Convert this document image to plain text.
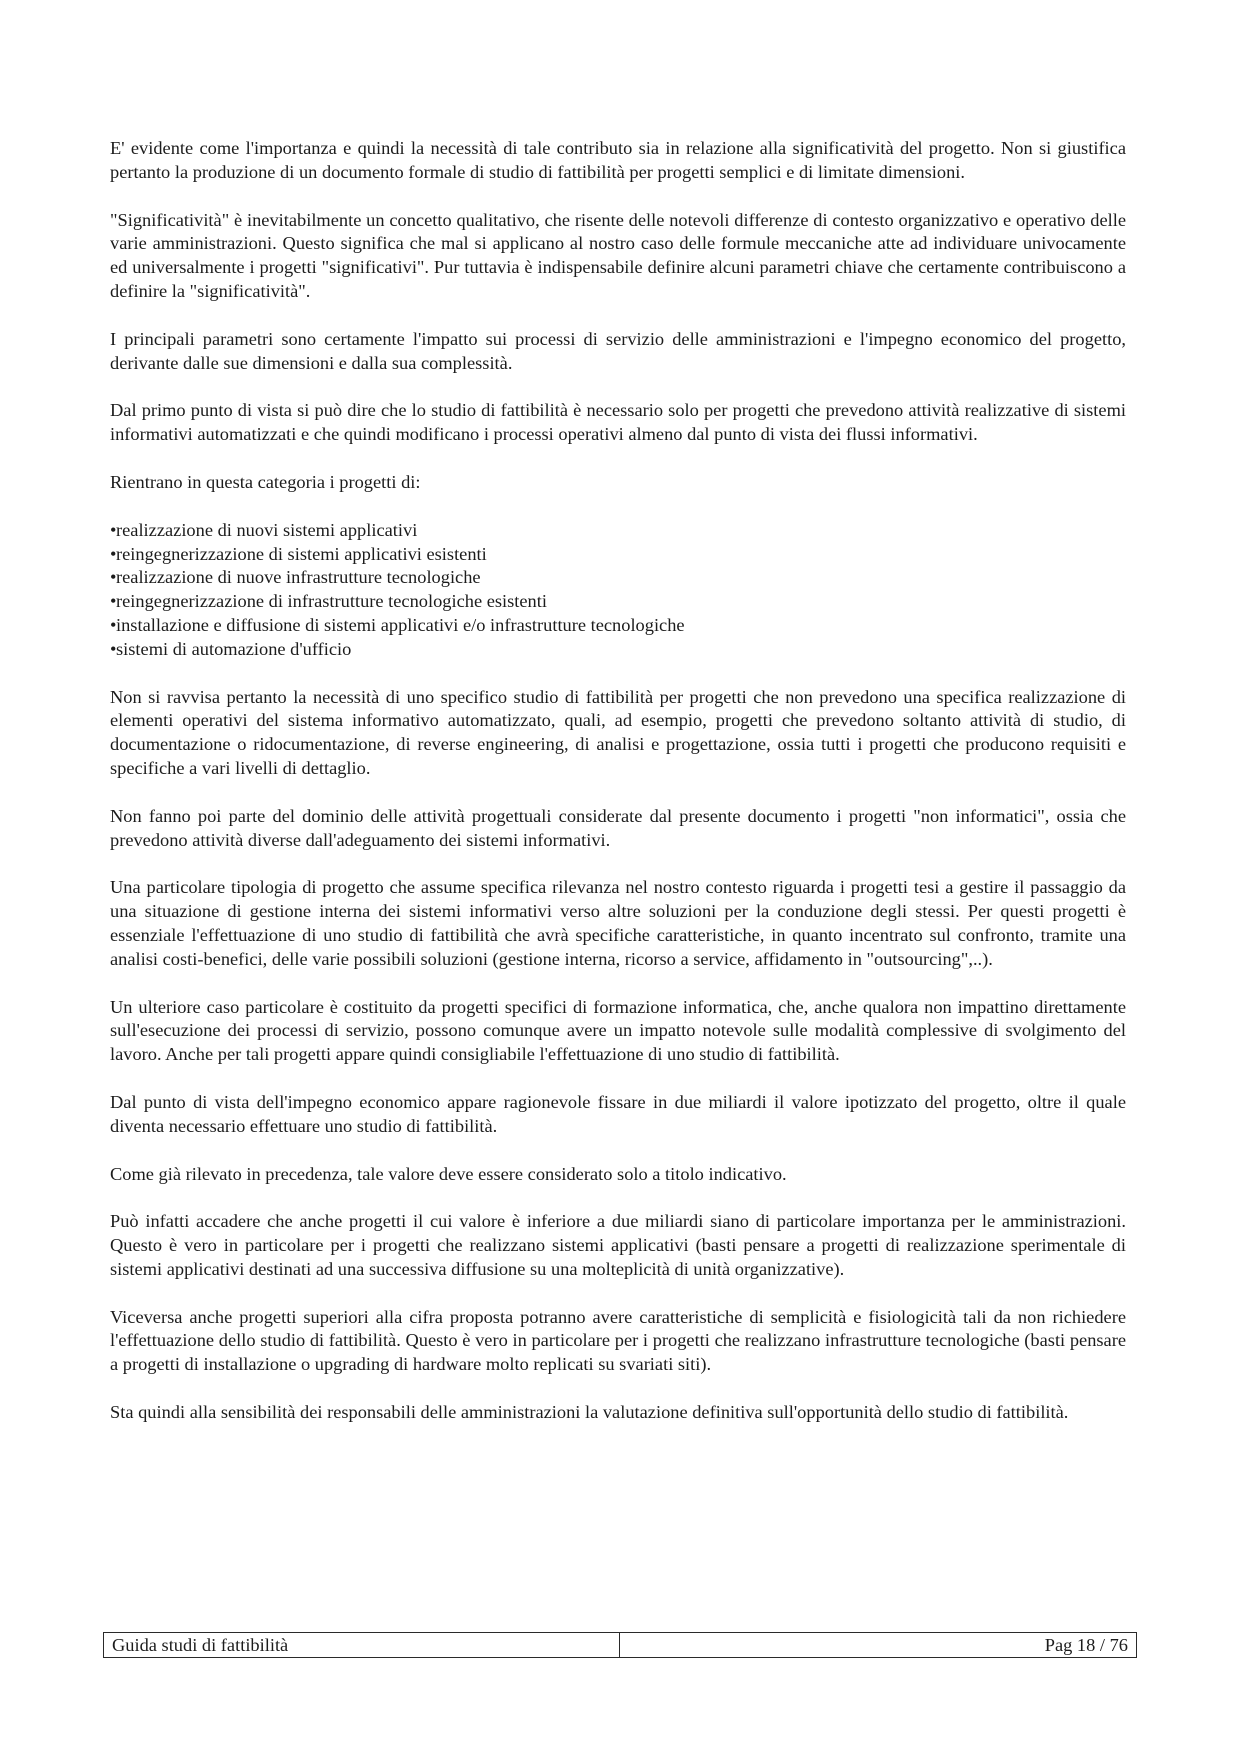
E' evidente come l'importanza e quindi la necessità di tale contributo sia in relazione alla significatività del progetto. Non si giustifica pertanto la produzione di un documento formale di studio di fattibilità per progetti semplici e di limitate dimensioni.

"Significatività" è inevitabilmente un concetto qualitativo, che risente delle notevoli differenze di contesto organizzativo e operativo delle varie amministrazioni. Questo significa che mal si applicano al nostro caso delle formule meccaniche atte ad individuare univocamente ed universalmente i progetti "significativi". Pur tuttavia è indispensabile definire alcuni parametri chiave che certamente contribuiscono a definire la "significatività".

I principali parametri sono certamente l'impatto sui processi di servizio delle amministrazioni e l'impegno economico del progetto, derivante dalle sue dimensioni e dalla sua complessità.

Dal primo punto di vista si può dire che lo studio di fattibilità è necessario solo per progetti che prevedono attività realizzative di sistemi informativi automatizzati e che quindi modificano i processi operativi almeno dal punto di vista dei flussi informativi.

Rientrano in questa categoria i progetti di:

•realizzazione di nuovi sistemi applicativi
•reingegnerizzazione di sistemi applicativi esistenti
•realizzazione di nuove infrastrutture tecnologiche
•reingegnerizzazione di infrastrutture tecnologiche esistenti
•installazione e diffusione di sistemi applicativi e/o infrastrutture tecnologiche
•sistemi di automazione d'ufficio

Non si ravvisa pertanto la necessità di uno specifico studio di fattibilità per progetti che non prevedono una specifica realizzazione di elementi operativi del sistema informativo automatizzato, quali, ad esempio, progetti che prevedono soltanto attività di studio, di documentazione o ridocumentazione, di reverse engineering, di analisi e progettazione, ossia tutti i progetti che producono requisiti e specifiche a vari livelli di dettaglio.

Non fanno poi parte del dominio delle attività progettuali considerate dal presente documento i progetti "non informatici", ossia che prevedono attività diverse dall'adeguamento dei sistemi informativi.

Una particolare tipologia di progetto che assume specifica rilevanza nel nostro contesto riguarda i progetti tesi a gestire il passaggio da una situazione di gestione interna dei sistemi informativi verso altre soluzioni per la conduzione degli stessi. Per questi progetti è essenziale l'effettuazione di uno studio di fattibilità che avrà specifiche caratteristiche, in quanto incentrato sul confronto, tramite una analisi costi-benefici, delle varie possibili soluzioni (gestione interna, ricorso a service, affidamento in "outsourcing",..).

Un ulteriore caso particolare è costituito da progetti specifici di formazione informatica, che, anche qualora non impattino direttamente sull'esecuzione dei processi di servizio, possono comunque avere un impatto notevole sulle modalità complessive di svolgimento del lavoro. Anche per tali progetti appare quindi consigliabile l'effettuazione di uno studio di fattibilità.

Dal punto di vista dell'impegno economico appare ragionevole fissare in due miliardi il valore ipotizzato del progetto, oltre il quale diventa necessario effettuare uno studio di fattibilità.

Come già rilevato in precedenza, tale valore deve essere considerato solo a titolo indicativo.

Può infatti accadere che anche progetti il cui valore è inferiore a due miliardi siano di particolare importanza per le amministrazioni. Questo è vero in particolare per i progetti che realizzano sistemi applicativi (basti pensare a progetti di realizzazione sperimentale di sistemi applicativi destinati ad una successiva diffusione su una molteplicità di unità organizzative).

Viceversa anche progetti superiori alla cifra proposta potranno avere caratteristiche di semplicità e fisiologicità tali da non richiedere l'effettuazione dello studio di fattibilità. Questo è vero in particolare per i progetti che realizzano infrastrutture tecnologiche (basti pensare a progetti di installazione o upgrading di hardware molto replicati su svariati siti).

Sta quindi alla sensibilità dei responsabili delle amministrazioni la valutazione definitiva sull'opportunità dello studio di fattibilità.

Guida studi di fattibilità	Pag 18 / 76
